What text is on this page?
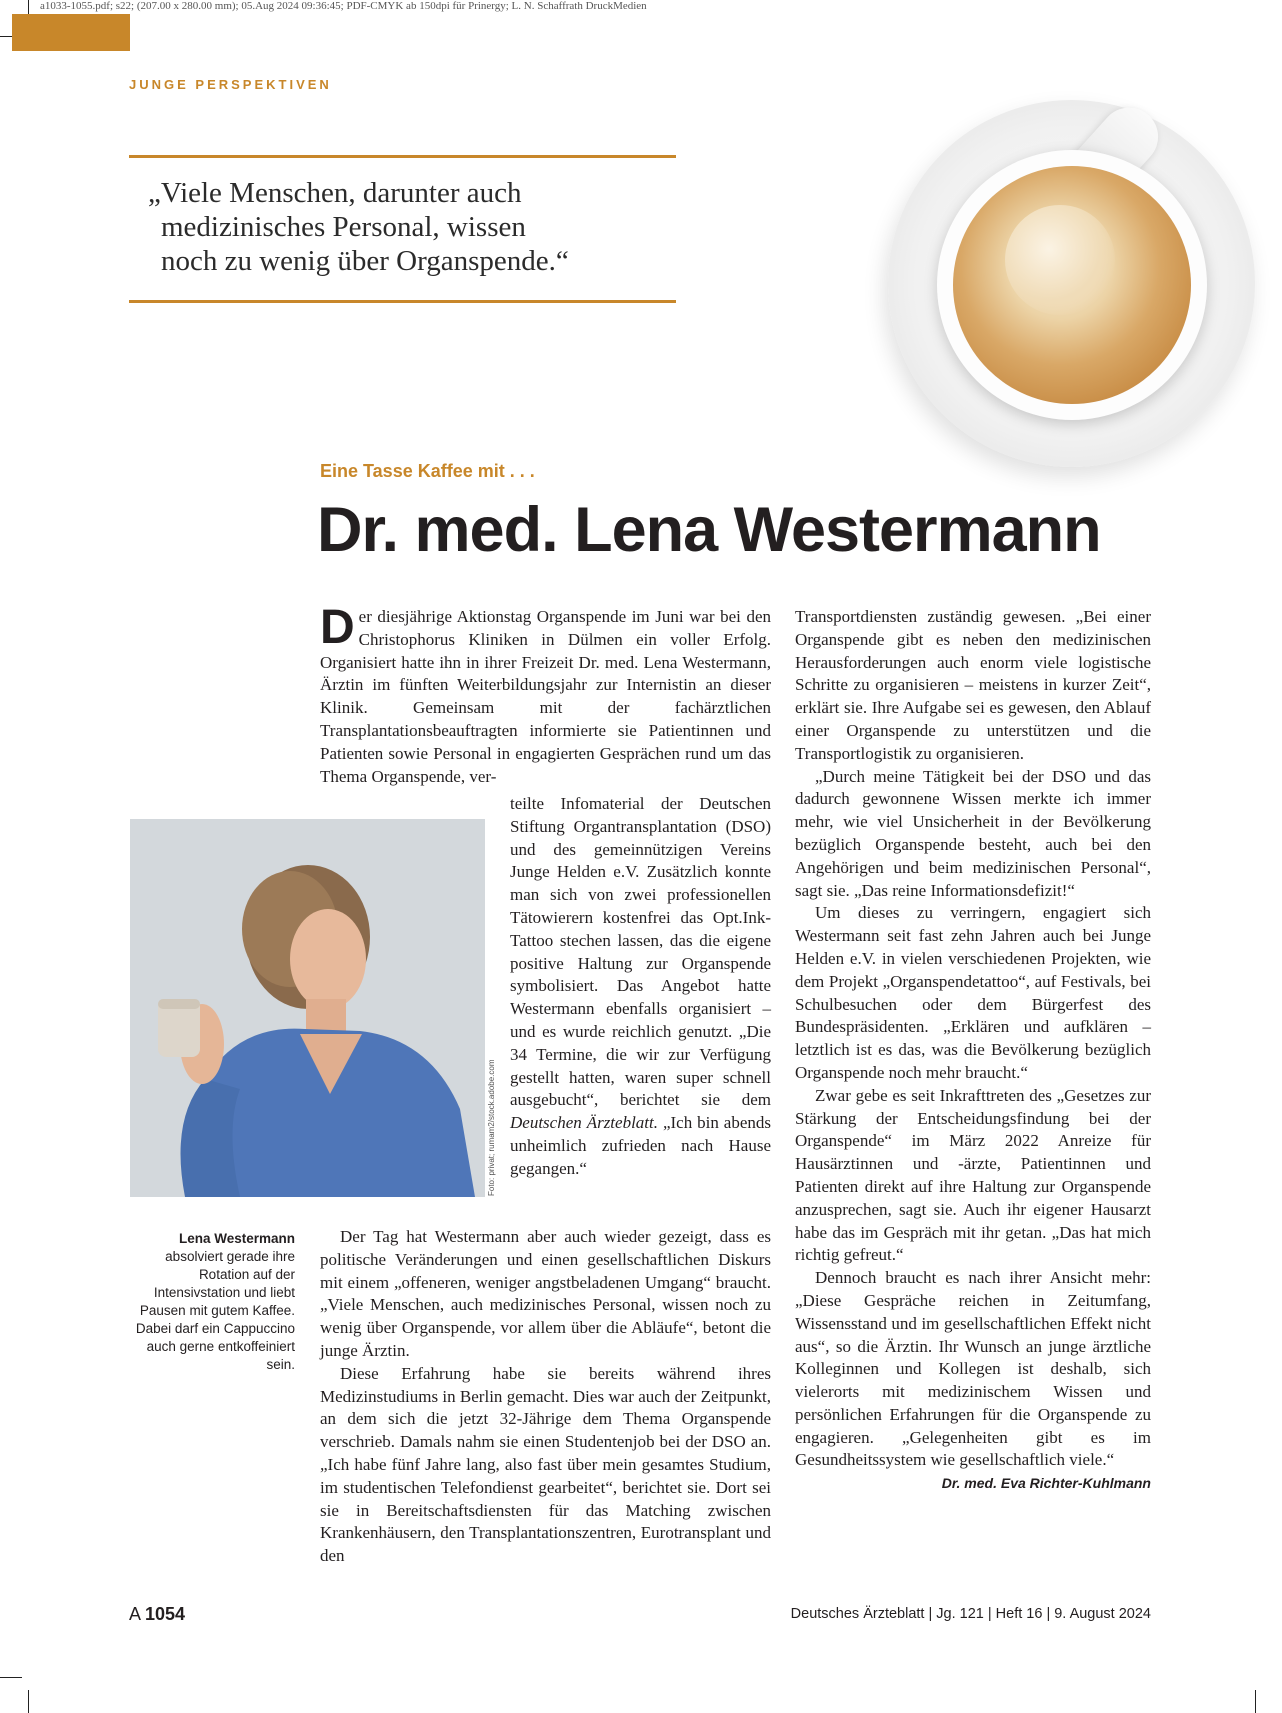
a1033-1055.pdf; s22; (207.00 x 280.00 mm); 05.Aug 2024 09:36:45; PDF-CMYK ab 150dpi für Prinergy; L. N. Schaffrath DruckMedien
JUNGE PERSPEKTIVEN
„Viele Menschen, darunter auch
medizinisches Personal, wissen
noch zu wenig über Organspende.“
Eine Tasse Kaffee mit . . .
Dr. med. Lena Westermann
Foto: privat; rumam2/stock.adobe.com
Lena Westermann absolviert gerade ihre Rotation auf der Intensivstation und liebt Pausen mit gutem Kaffee. Dabei darf ein Cappuccino auch gerne entkoffeiniert sein.

Der diesjährige Aktionstag Organspende im Juni war bei den Christophorus Kliniken in Dülmen ein voller Erfolg. Organisiert hatte ihn in ihrer Freizeit Dr. med. Lena Westermann, Ärztin im fünften Weiterbildungsjahr zur Internistin an dieser Klinik. Gemeinsam mit der fachärztlichen Transplantationsbeauftragten informierte sie Patientinnen und Patienten sowie Personal in engagierten Gesprächen rund um das Thema Organspende, ver-

teilte Infomaterial der Deutschen Stiftung Organtransplantation (DSO) und des gemeinnützigen Vereins Junge Helden e.V. Zusätzlich konnte man sich von zwei professionellen Tätowierern kostenfrei das Opt.Ink-Tattoo stechen lassen, das die eigene positive Haltung zur Organspende symbolisiert. Das Angebot hatte Westermann ebenfalls organisiert – und es wurde reichlich genutzt. „Die 34 Termine, die wir zur Verfügung gestellt hatten, waren super schnell ausgebucht“, berichtet sie dem Deutschen Ärzteblatt. „Ich bin abends unheimlich zufrieden nach Hause gegangen.“

Der Tag hat Westermann aber auch wieder gezeigt, dass es politische Veränderungen und einen gesellschaftlichen Diskurs mit einem „offeneren, weniger angstbeladenen Umgang“ braucht. „Viele Menschen, auch medizinisches Personal, wissen noch zu wenig über Organspende, vor allem über die Abläufe“, betont die junge Ärztin.

Diese Erfahrung habe sie bereits während ihres Medizinstudiums in Berlin gemacht. Dies war auch der Zeitpunkt, an dem sich die jetzt 32-Jährige dem Thema Organspende verschrieb. Damals nahm sie einen Studentenjob bei der DSO an. „Ich habe fünf Jahre lang, also fast über mein gesamtes Studium, im studentischen Telefondienst gearbeitet“, berichtet sie. Dort sei sie in Bereitschaftsdiensten für das Matching zwischen Krankenhäusern, den Transplantationszentren, Eurotransplant und den

Transportdiensten zuständig gewesen. „Bei einer Organspende gibt es neben den medizinischen Herausforderungen auch enorm viele logistische Schritte zu organisieren – meistens in kurzer Zeit“, erklärt sie. Ihre Aufgabe sei es gewesen, den Ablauf einer Organspende zu unterstützen und die Transportlogistik zu organisieren.

„Durch meine Tätigkeit bei der DSO und das dadurch gewonnene Wissen merkte ich immer mehr, wie viel Unsicherheit in der Bevölkerung bezüglich Organspende besteht, auch bei den Angehörigen und beim medizinischen Personal“, sagt sie. „Das reine Informationsdefizit!“

Um dieses zu verringern, engagiert sich Westermann seit fast zehn Jahren auch bei Junge Helden e.V. in vielen verschiedenen Projekten, wie dem Projekt „Organspendetattoo“, auf Festivals, bei Schulbesuchen oder dem Bürgerfest des Bundespräsidenten. „Erklären und aufklären – letztlich ist es das, was die Bevölkerung bezüglich Organspende noch mehr braucht.“

Zwar gebe es seit Inkrafttreten des „Gesetzes zur Stärkung der Entscheidungsfindung bei der Organspende“ im März 2022 Anreize für Hausärztinnen und -ärzte, Patientinnen und Patienten direkt auf ihre Haltung zur Organspende anzusprechen, sagt sie. Auch ihr eigener Hausarzt habe das im Gespräch mit ihr getan. „Das hat mich richtig gefreut.“

Dennoch braucht es nach ihrer Ansicht mehr: „Diese Gespräche reichen in Zeitumfang, Wissensstand und im gesellschaftlichen Effekt nicht aus“, so die Ärztin. Ihr Wunsch an junge ärztliche Kolleginnen und Kollegen ist deshalb, sich vielerorts mit medizinischem Wissen und persönlichen Erfahrungen für die Organspende zu engagieren. „Gelegenheiten gibt es im Gesundheitssystem wie gesellschaftlich viele.“
Dr. med. Eva Richter-Kuhlmann

A 1054	Deutsches Ärzteblatt | Jg. 121 | Heft 16 | 9. August 2024
